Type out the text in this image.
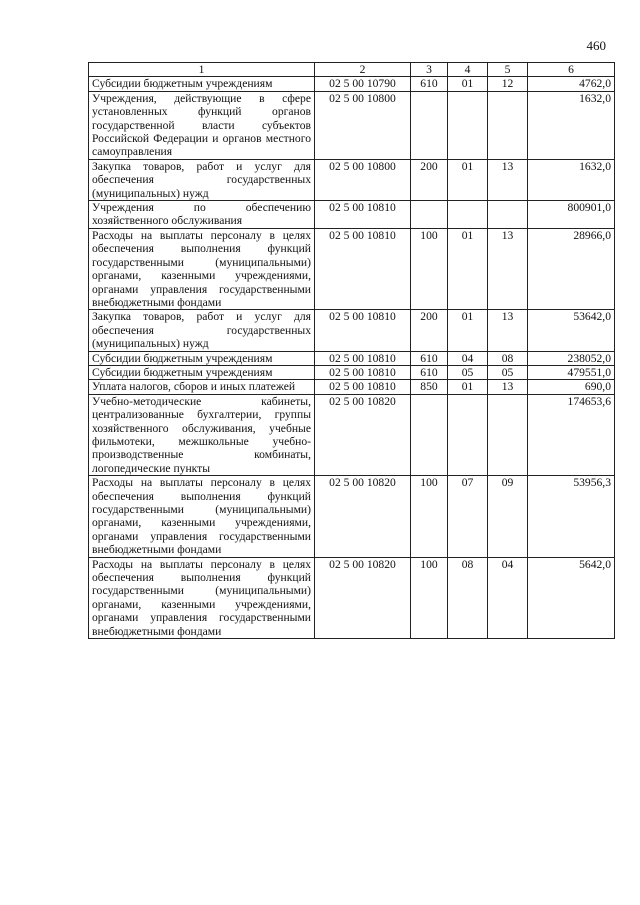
460
1	2	3	4	5	6
Субсидии бюджетным учреждениям	02 5 00 10790	610	01	12	4762,0
Учреждения, действующие в сфере установленных функций органов государственной власти субъектов Российской Федерации и органов местного самоуправления	02 5 00 10800				1632,0
Закупка товаров, работ и услуг для обеспечения государственных (муниципальных) нужд	02 5 00 10800	200	01	13	1632,0
Учреждения по обеспечению хозяйственного обслуживания	02 5 00 10810				800901,0
Расходы на выплаты персоналу в целях обеспечения выполнения функций государственными (муниципальными) органами, казенными учреждениями, органами управления государственными внебюджетными фондами	02 5 00 10810	100	01	13	28966,0
Закупка товаров, работ и услуг для обеспечения государственных (муниципальных) нужд	02 5 00 10810	200	01	13	53642,0
Субсидии бюджетным учреждениям	02 5 00 10810	610	04	08	238052,0
Субсидии бюджетным учреждениям	02 5 00 10810	610	05	05	479551,0
Уплата налогов, сборов и иных платежей	02 5 00 10810	850	01	13	690,0
Учебно-методические кабинеты, централизованные бухгалтерии, группы хозяйственного обслуживания, учебные фильмотеки, межшкольные учебно-производственные комбинаты, логопедические пункты	02 5 00 10820				174653,6
Расходы на выплаты персоналу в целях обеспечения выполнения функций государственными (муниципальными) органами, казенными учреждениями, органами управления государственными внебюджетными фондами	02 5 00 10820	100	07	09	53956,3
Расходы на выплаты персоналу в целях обеспечения выполнения функций государственными (муниципальными) органами, казенными учреждениями, органами управления государственными внебюджетными фондами	02 5 00 10820	100	08	04	5642,0
